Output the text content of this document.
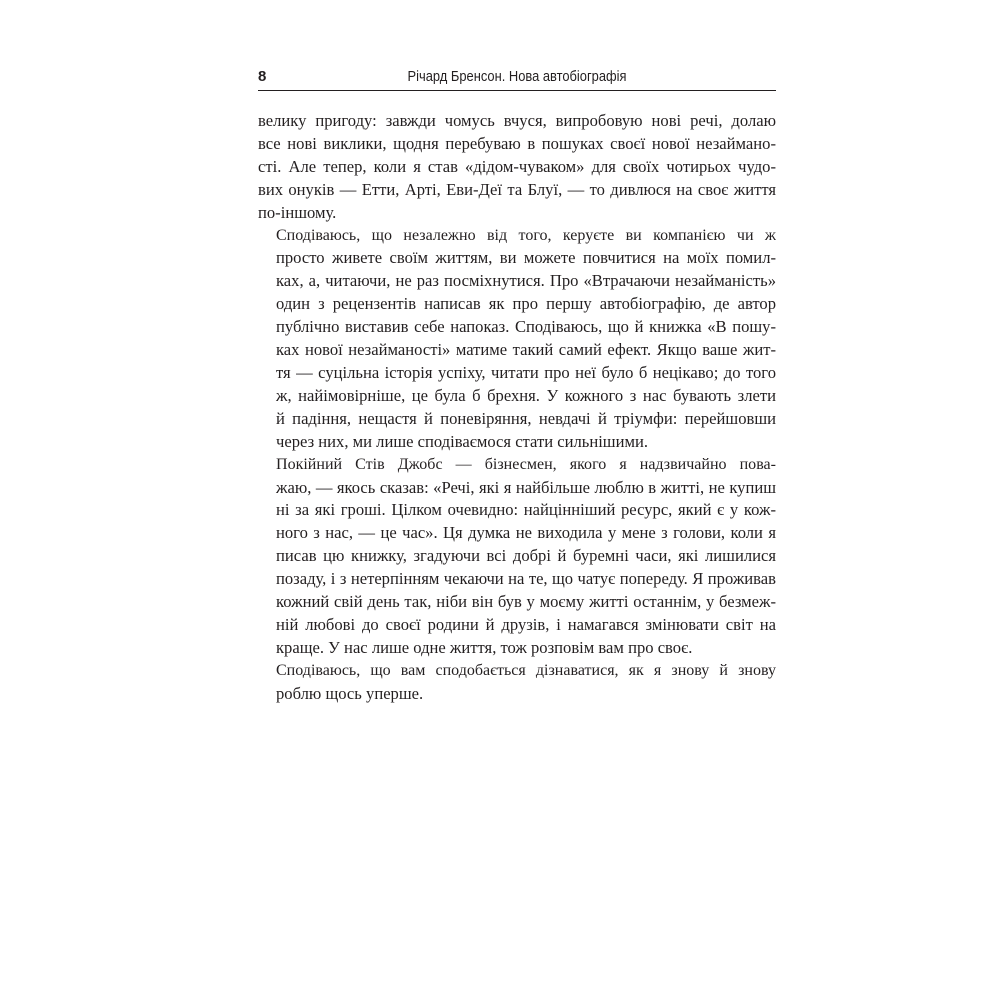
8	Річард Бренсон. Нова автобіографія

велику пригоду: завжди чомусь вчуся, випробовую нові речі, долаю
все нові виклики, щодня перебуваю в пошуках своєї нової незаймано-
сті. Але тепер, коли я став «дідом-чуваком» для своїх чотирьох чудо-
вих онуків — Етти, Арті, Еви-Деї та Блуї, — то дивлюся на своє життя
по-іншому.

Сподіваюсь, що незалежно від того, керуєте ви компанією чи ж
просто живете своїм життям, ви можете повчитися на моїх помил-
ках, а, читаючи, не раз посміхнутися. Про «Втрачаючи незайманість»
один з рецензентів написав як про першу автобіографію, де автор
публічно виставив себе напоказ. Сподіваюсь, що й книжка «В пошу-
ках нової незайманості» матиме такий самий ефект. Якщо ваше жит-
тя — суцільна історія успіху, читати про неї було б нецікаво; до того
ж, найімовірніше, це була б брехня. У кожного з нас бувають злети
й падіння, нещастя й поневіряння, невдачі й тріумфи: перейшовши
через них, ми лише сподіваємося стати сильнішими.

Покійний Стів Джобс — бізнесмен, якого я надзвичайно пова-
жаю, — якось сказав: «Речі, які я найбільше люблю в житті, не купиш
ні за які гроші. Цілком очевидно: найцінніший ресурс, який є у кож-
ного з нас, — це час». Ця думка не виходила у мене з голови, коли я
писав цю книжку, згадуючи всі добрі й буремні часи, які лишилися
позаду, і з нетерпінням чекаючи на те, що чатує попереду. Я проживав
кожний свій день так, ніби він був у моєму житті останнім, у безмеж-
ній любові до своєї родини й друзів, і намагався змінювати світ на
краще. У нас лише одне життя, тож розповім вам про своє.

Сподіваюсь, що вам сподобається дізнаватися, як я знову й знову
роблю щось уперше.
